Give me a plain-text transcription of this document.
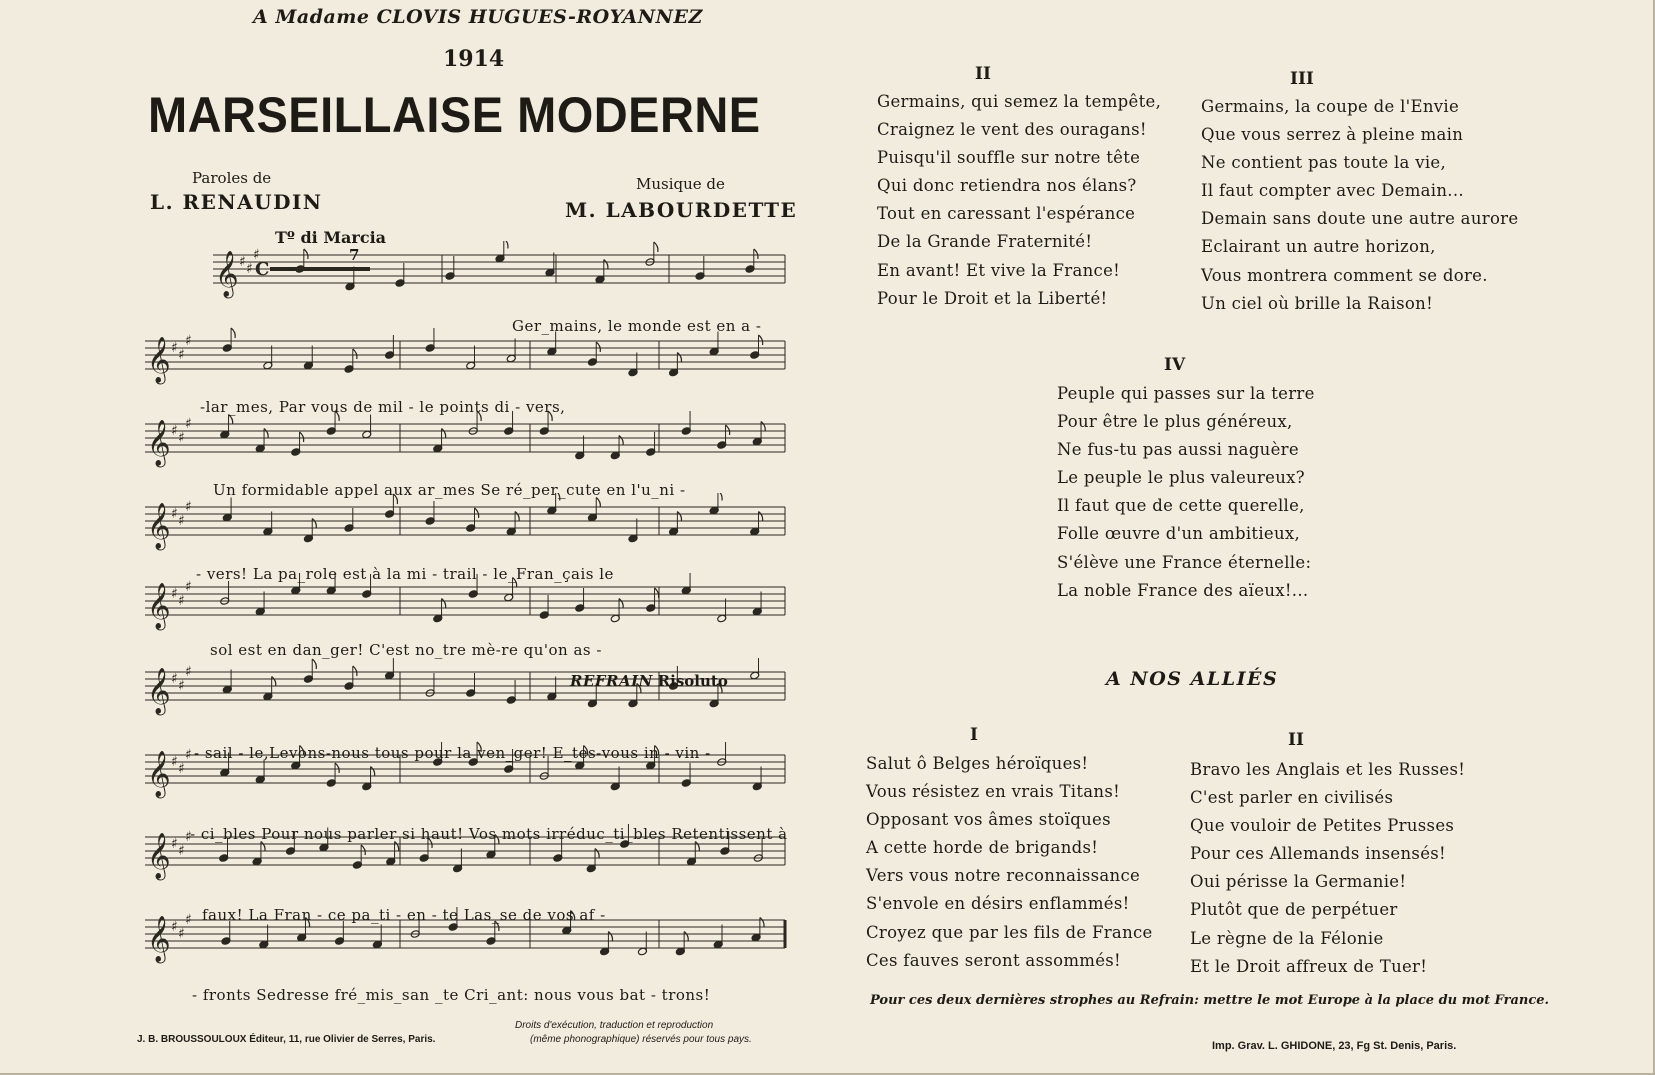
A Madame CLOVIS HUGUES-ROYANNEZ
1914
MARSEILLAISE MODERNE
Paroles de
L. RENAUDIN
Musique de
M. LABOURDETTE
Tº di Marcia
7
𝄞 ♯ ♯
♯
C
𝄞 ♯ ♯
♯
𝄞 ♯ ♯
♯
𝄞 ♯ ♯
♯
𝄞 ♯ ♯
♯
𝄞 ♯ ♯
♯
𝄞 ♯ ♯
♯
𝄞 ♯ ♯
♯
𝄞 ♯ ♯
♯
Ger_mains, le monde est en a -
-lar_mes, Par vous de mil - le points di - vers,
Un formidable appel aux ar_mes Se ré_per_cute en l'u_ni -
- vers! La pa_role est à la mi - trail - le_Fran_çais le
sol est en dan_ger! C'est no_tre mè-re qu'on as -
REFRAIN Risoluto
- sail - le,Levons-nous tous pour la ven_ger! E_tes-vous in - vin -
- ci_bles Pour nous parler si haut! Vos mots irréduc_ti_bles Retentissent à
faux! La Fran - ce pa_ti - en - te Las_se de vos af -
- fronts Sedresse fré_mis_san _te Cri_ant: nous vous bat - trons!
Droits d'exécution, traduction et reproduction
J. B. BROUSSOULOUX Éditeur, 11, rue Olivier de Serres, Paris.	(même phonographique) réservés pour tous pays.
II
Germains, qui semez la tempête,
Craignez le vent des ouragans!
Puisqu'il souffle sur notre tête
Qui donc retiendra nos élans?
Tout en caressant l'espérance
De la Grande Fraternité!
En avant! Et vive la France!
Pour le Droit et la Liberté!
III
Germains, la coupe de l'Envie
Que vous serrez à pleine main
Ne contient pas toute la vie,
Il faut compter avec Demain...
Demain sans doute une autre aurore
Eclairant un autre horizon,
Vous montrera comment se dore.
Un ciel où brille la Raison!
IV
Peuple qui passes sur la terre
Pour être le plus généreux,
Ne fus-tu pas aussi naguère
Le peuple le plus valeureux?
Il faut que de cette querelle,
Folle œuvre d'un ambitieux,
S'élève une France éternelle:
La noble France des aïeux!...
A NOS ALLIÉS
I
Salut ô Belges héroïques!
Vous résistez en vrais Titans!
Opposant vos âmes stoïques
A cette horde de brigands!
Vers vous notre reconnaissance
S'envole en désirs enflammés!
Croyez que par les fils de France
Ces fauves seront assommés!
II
Bravo les Anglais et les Russes!
C'est parler en civilisés
Que vouloir de Petites Prusses
Pour ces Allemands insensés!
Oui périsse la Germanie!
Plutôt que de perpétuer
Le règne de la Félonie
Et le Droit affreux de Tuer!
Pour ces deux dernières strophes au Refrain: mettre le mot Europe à la place du mot France.
Imp. Grav. L. GHIDONE, 23, Fg St. Denis, Paris.
